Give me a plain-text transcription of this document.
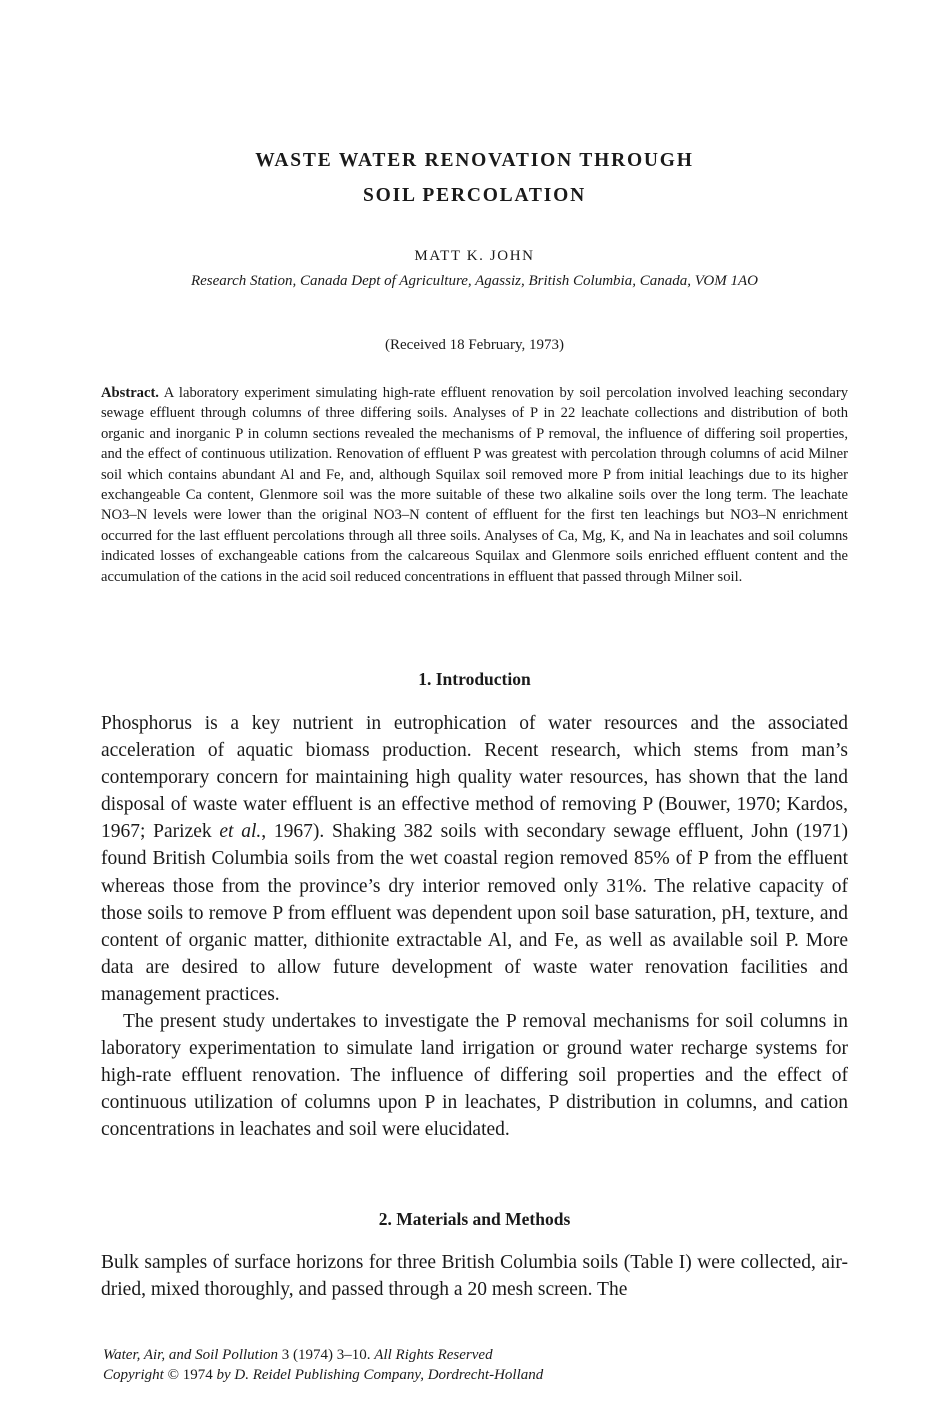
WASTE WATER RENOVATION THROUGH
SOIL PERCOLATION
MATT K. JOHN
Research Station, Canada Dept of Agriculture, Agassiz, British Columbia, Canada, VOM 1AO
(Received 18 February, 1973)
Abstract. A laboratory experiment simulating high-rate effluent renovation by soil percolation involved leaching secondary sewage effluent through columns of three differing soils. Analyses of P in 22 leachate collections and distribution of both organic and inorganic P in column sections revealed the mechanisms of P removal, the influence of differing soil properties, and the effect of continuous utilization. Renovation of effluent P was greatest with percolation through columns of acid Milner soil which contains abundant Al and Fe, and, although Squilax soil removed more P from initial leachings due to its higher exchangeable Ca content, Glenmore soil was the more suitable of these two alkaline soils over the long term. The leachate NO3–N levels were lower than the original NO3–N content of effluent for the first ten leachings but NO3–N enrichment occurred for the last effluent percolations through all three soils. Analyses of Ca, Mg, K, and Na in leachates and soil columns indicated losses of exchangeable cations from the calcareous Squilax and Glenmore soils enriched effluent content and the accumulation of the cations in the acid soil reduced concentrations in effluent that passed through Milner soil.
1. Introduction

Phosphorus is a key nutrient in eutrophication of water resources and the associated acceleration of aquatic biomass production. Recent research, which stems from man’s contemporary concern for maintaining high quality water resources, has shown that the land disposal of waste water effluent is an effective method of removing P (Bouwer, 1970; Kardos, 1967; Parizek et al., 1967). Shaking 382 soils with secondary sewage effluent, John (1971) found British Columbia soils from the wet coastal region removed 85% of P from the effluent whereas those from the province’s dry interior removed only 31%. The relative capacity of those soils to remove P from effluent was dependent upon soil base saturation, pH, texture, and content of organic matter, dithionite extractable Al, and Fe, as well as available soil P. More data are desired to allow future development of waste water renovation facilities and management practices.

The present study undertakes to investigate the P removal mechanisms for soil columns in laboratory experimentation to simulate land irrigation or ground water recharge systems for high-rate effluent renovation. The influence of differing soil properties and the effect of continuous utilization of columns upon P in leachates, P distribution in columns, and cation concentrations in leachates and soil were elucidated.

2. Materials and Methods

Bulk samples of surface horizons for three British Columbia soils (Table I) were collected, air-dried, mixed thoroughly, and passed through a 20 mesh screen. The

Water, Air, and Soil Pollution 3 (1974) 3–10. All Rights Reserved
Copyright © 1974 by D. Reidel Publishing Company, Dordrecht-Holland
